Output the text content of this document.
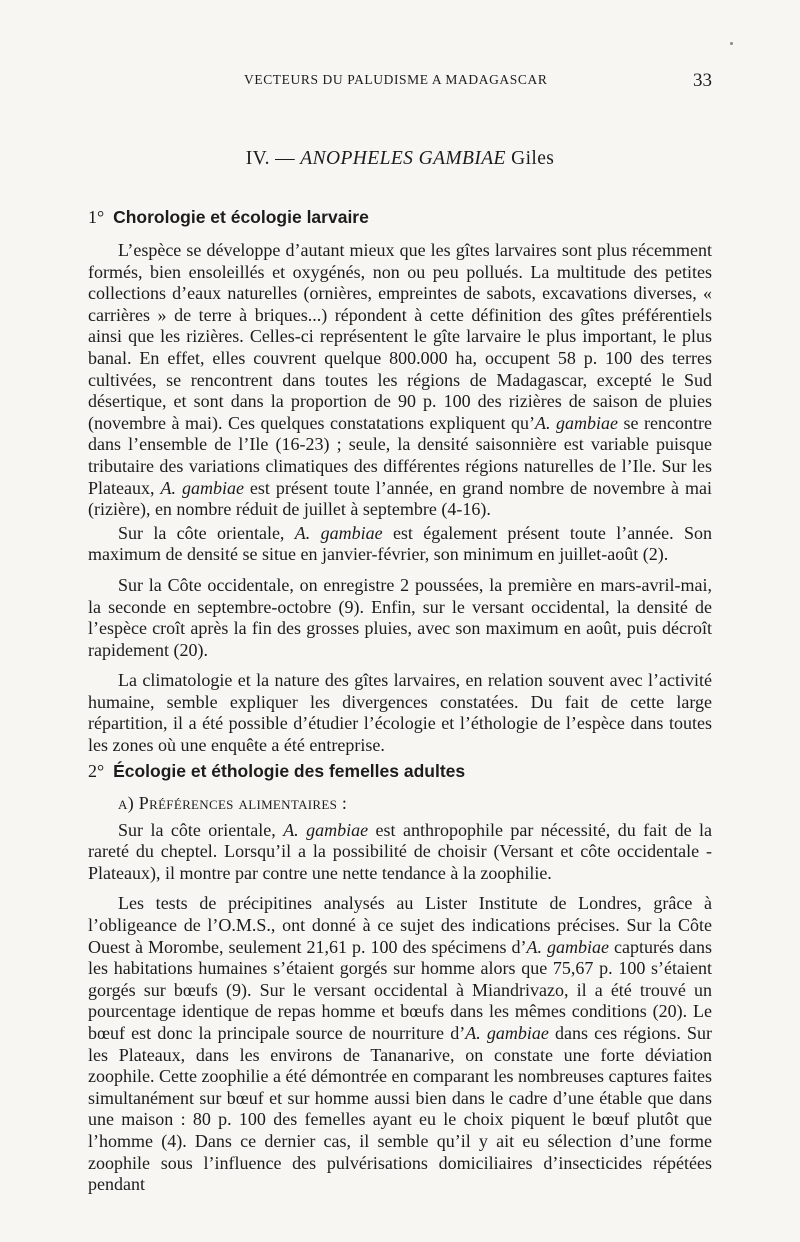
VECTEURS DU PALUDISME A MADAGASCAR	33
IV. — ANOPHELES GAMBIAE Giles
1° Chorologie et écologie larvaire

L’espèce se développe d’autant mieux que les gîtes larvaires sont plus récemment formés, bien ensoleillés et oxygénés, non ou peu pollués. La multitude des petites collections d’eaux naturelles (ornières, empreintes de sabots, excavations diverses, « carrières » de terre à briques...) répondent à cette définition des gîtes préférentiels ainsi que les rizières. Celles-ci représentent le gîte larvaire le plus important, le plus banal. En effet, elles couvrent quelque 800.000 ha, occupent 58 p. 100 des terres cultivées, se rencontrent dans toutes les régions de Madagascar, excepté le Sud désertique, et sont dans la proportion de 90 p. 100 des rizières de saison de pluies (novembre à mai). Ces quelques constatations expliquent qu’A. gambiae se rencontre dans l’ensemble de l’Ile (16-23) ; seule, la densité saisonnière est variable puisque tributaire des variations climatiques des différentes régions naturelles de l’Ile. Sur les Plateaux, A. gambiae est présent toute l’année, en grand nombre de novembre à mai (rizière), en nombre réduit de juillet à septembre (4-16).

Sur la côte orientale, A. gambiae est également présent toute l’année. Son maximum de densité se situe en janvier-février, son minimum en juillet-août (2).

Sur la Côte occidentale, on enregistre 2 poussées, la première en mars-avril-mai, la seconde en septembre-octobre (9). Enfin, sur le versant occidental, la densité de l’espèce croît après la fin des grosses pluies, avec son maximum en août, puis décroît rapidement (20).

La climatologie et la nature des gîtes larvaires, en relation souvent avec l’activité humaine, semble expliquer les divergences constatées. Du fait de cette large répartition, il a été possible d’étudier l’écologie et l’éthologie de l’espèce dans toutes les zones où une enquête a été entreprise.

2° Écologie et éthologie des femelles adultes

a) Préférences alimentaires :

Sur la côte orientale, A. gambiae est anthropophile par nécessité, du fait de la rareté du cheptel. Lorsqu’il a la possibilité de choisir (Versant et côte occidentale - Plateaux), il montre par contre une nette tendance à la zoophilie.

Les tests de précipitines analysés au Lister Institute de Londres, grâce à l’obligeance de l’O.M.S., ont donné à ce sujet des indications précises. Sur la Côte Ouest à Morombe, seulement 21,61 p. 100 des spécimens d’A. gambiae capturés dans les habitations humaines s’étaient gorgés sur homme alors que 75,67 p. 100 s’étaient gorgés sur bœufs (9). Sur le versant occidental à Miandrivazo, il a été trouvé un pourcentage identique de repas homme et bœufs dans les mêmes conditions (20). Le bœuf est donc la principale source de nourriture d’A. gambiae dans ces régions. Sur les Plateaux, dans les environs de Tananarive, on constate une forte déviation zoophile. Cette zoophilie a été démontrée en comparant les nombreuses captures faites simultanément sur bœuf et sur homme aussi bien dans le cadre d’une étable que dans une maison : 80 p. 100 des femelles ayant eu le choix piquent le bœuf plutôt que l’homme (4). Dans ce dernier cas, il semble qu’il y ait eu sélection d’une forme zoophile sous l’influence des pulvérisations domiciliaires d’insecticides répétées pendant
